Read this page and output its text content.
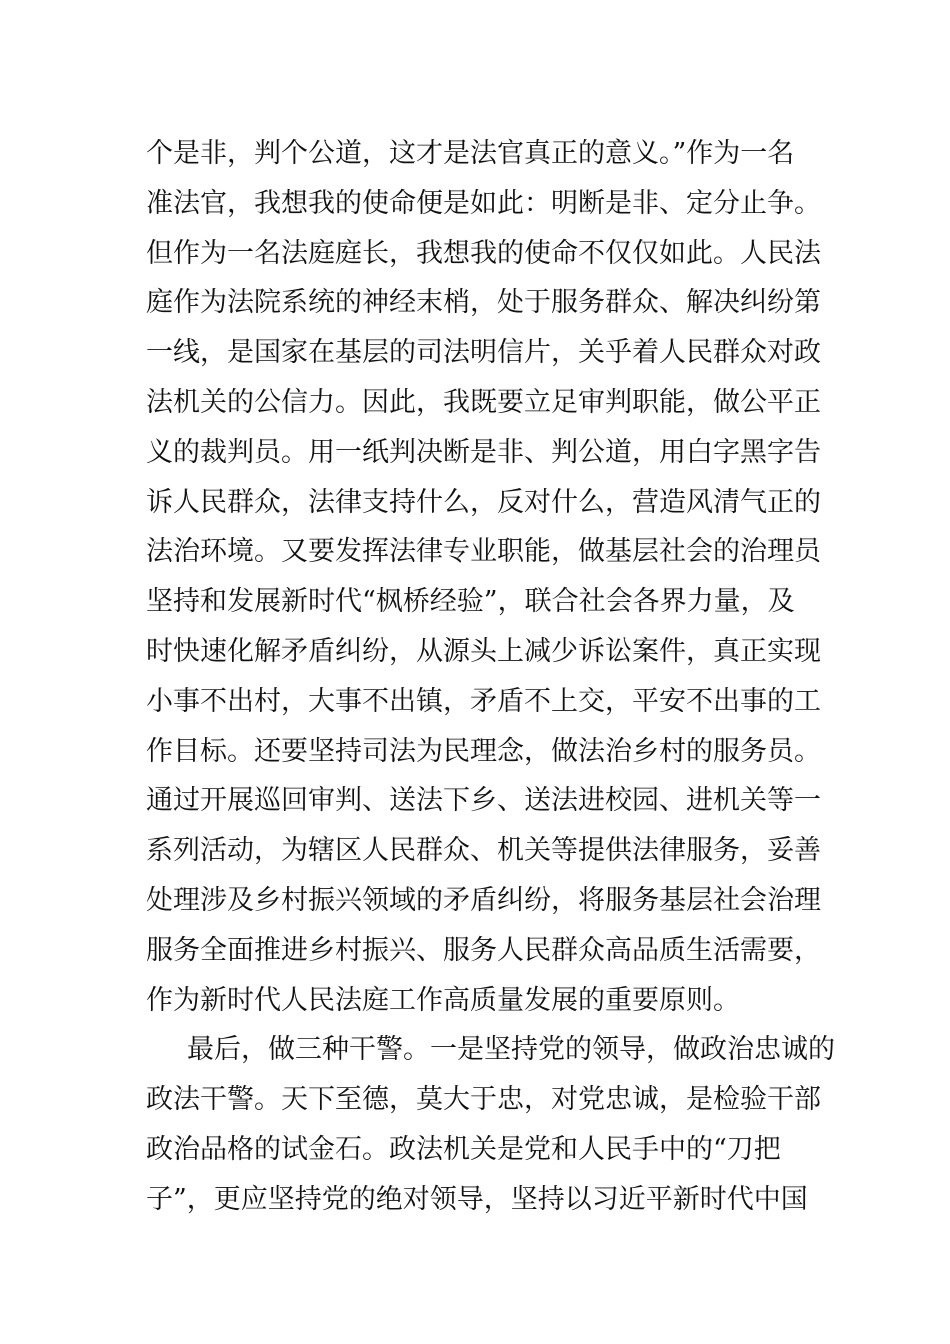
个是非，判个公道，这才是法官真正的意义。”作为一名
准法官，我想我的使命便是如此：明断是非、定分止争。
但作为一名法庭庭长，我想我的使命不仅仅如此。人民法
庭作为法院系统的神经末梢，处于服务群众、解决纠纷第
一线，是国家在基层的司法明信片，关乎着人民群众对政
法机关的公信力。因此，我既要立足审判职能，做公平正
义的裁判员。用一纸判决断是非、判公道，用白字黑字告
诉人民群众，法律支持什么，反对什么，营造风清气正的
法治环境。又要发挥法律专业职能，做基层社会的治理员
坚持和发展新时代“枫桥经验”，联合社会各界力量，及
时快速化解矛盾纠纷，从源头上减少诉讼案件，真正实现
小事不出村，大事不出镇，矛盾不上交，平安不出事的工
作目标。还要坚持司法为民理念，做法治乡村的服务员。
通过开展巡回审判、送法下乡、送法进校园、进机关等一
系列活动，为辖区人民群众、机关等提供法律服务，妥善
处理涉及乡村振兴领域的矛盾纠纷，将服务基层社会治理
服务全面推进乡村振兴、服务人民群众高品质生活需要，
作为新时代人民法庭工作高质量发展的重要原则。
最后，做三种干警。一是坚持党的领导，做政治忠诚的
政法干警。天下至德，莫大于忠，对党忠诚，是检验干部
政治品格的试金石。政法机关是党和人民手中的“刀把
子”，更应坚持党的绝对领导，坚持以习近平新时代中国
